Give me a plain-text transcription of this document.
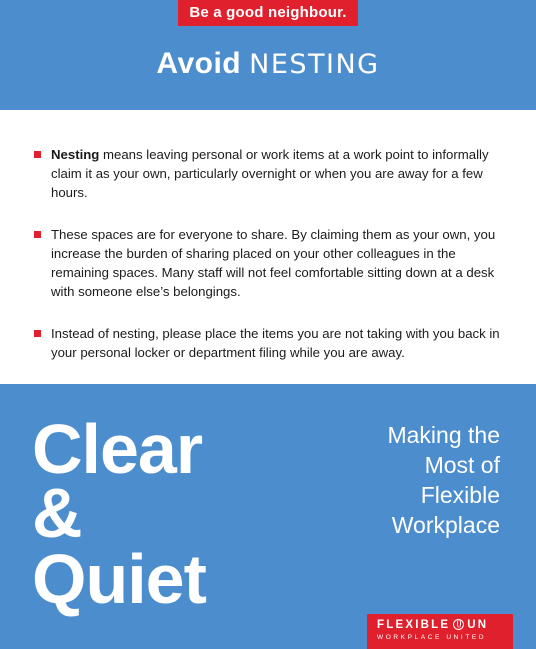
Be a good neighbour.
Avoid NESTING
Nesting means leaving personal or work items at a work point to informally claim it as your own, particularly overnight or when you are away for a few hours.
These spaces are for everyone to share. By claiming them as your own, you increase the burden of sharing placed on your other colleagues in the remaining spaces. Many staff will not feel comfortable sitting down at a desk with someone else’s belongings.
Instead of nesting, please place the items you are not taking with you back in your personal locker or department filing while you are away.
Clear
&
Quiet
Making the
Most of
Flexible
Workplace
FLEXIBLE UN
WORKPLACE UNITED
